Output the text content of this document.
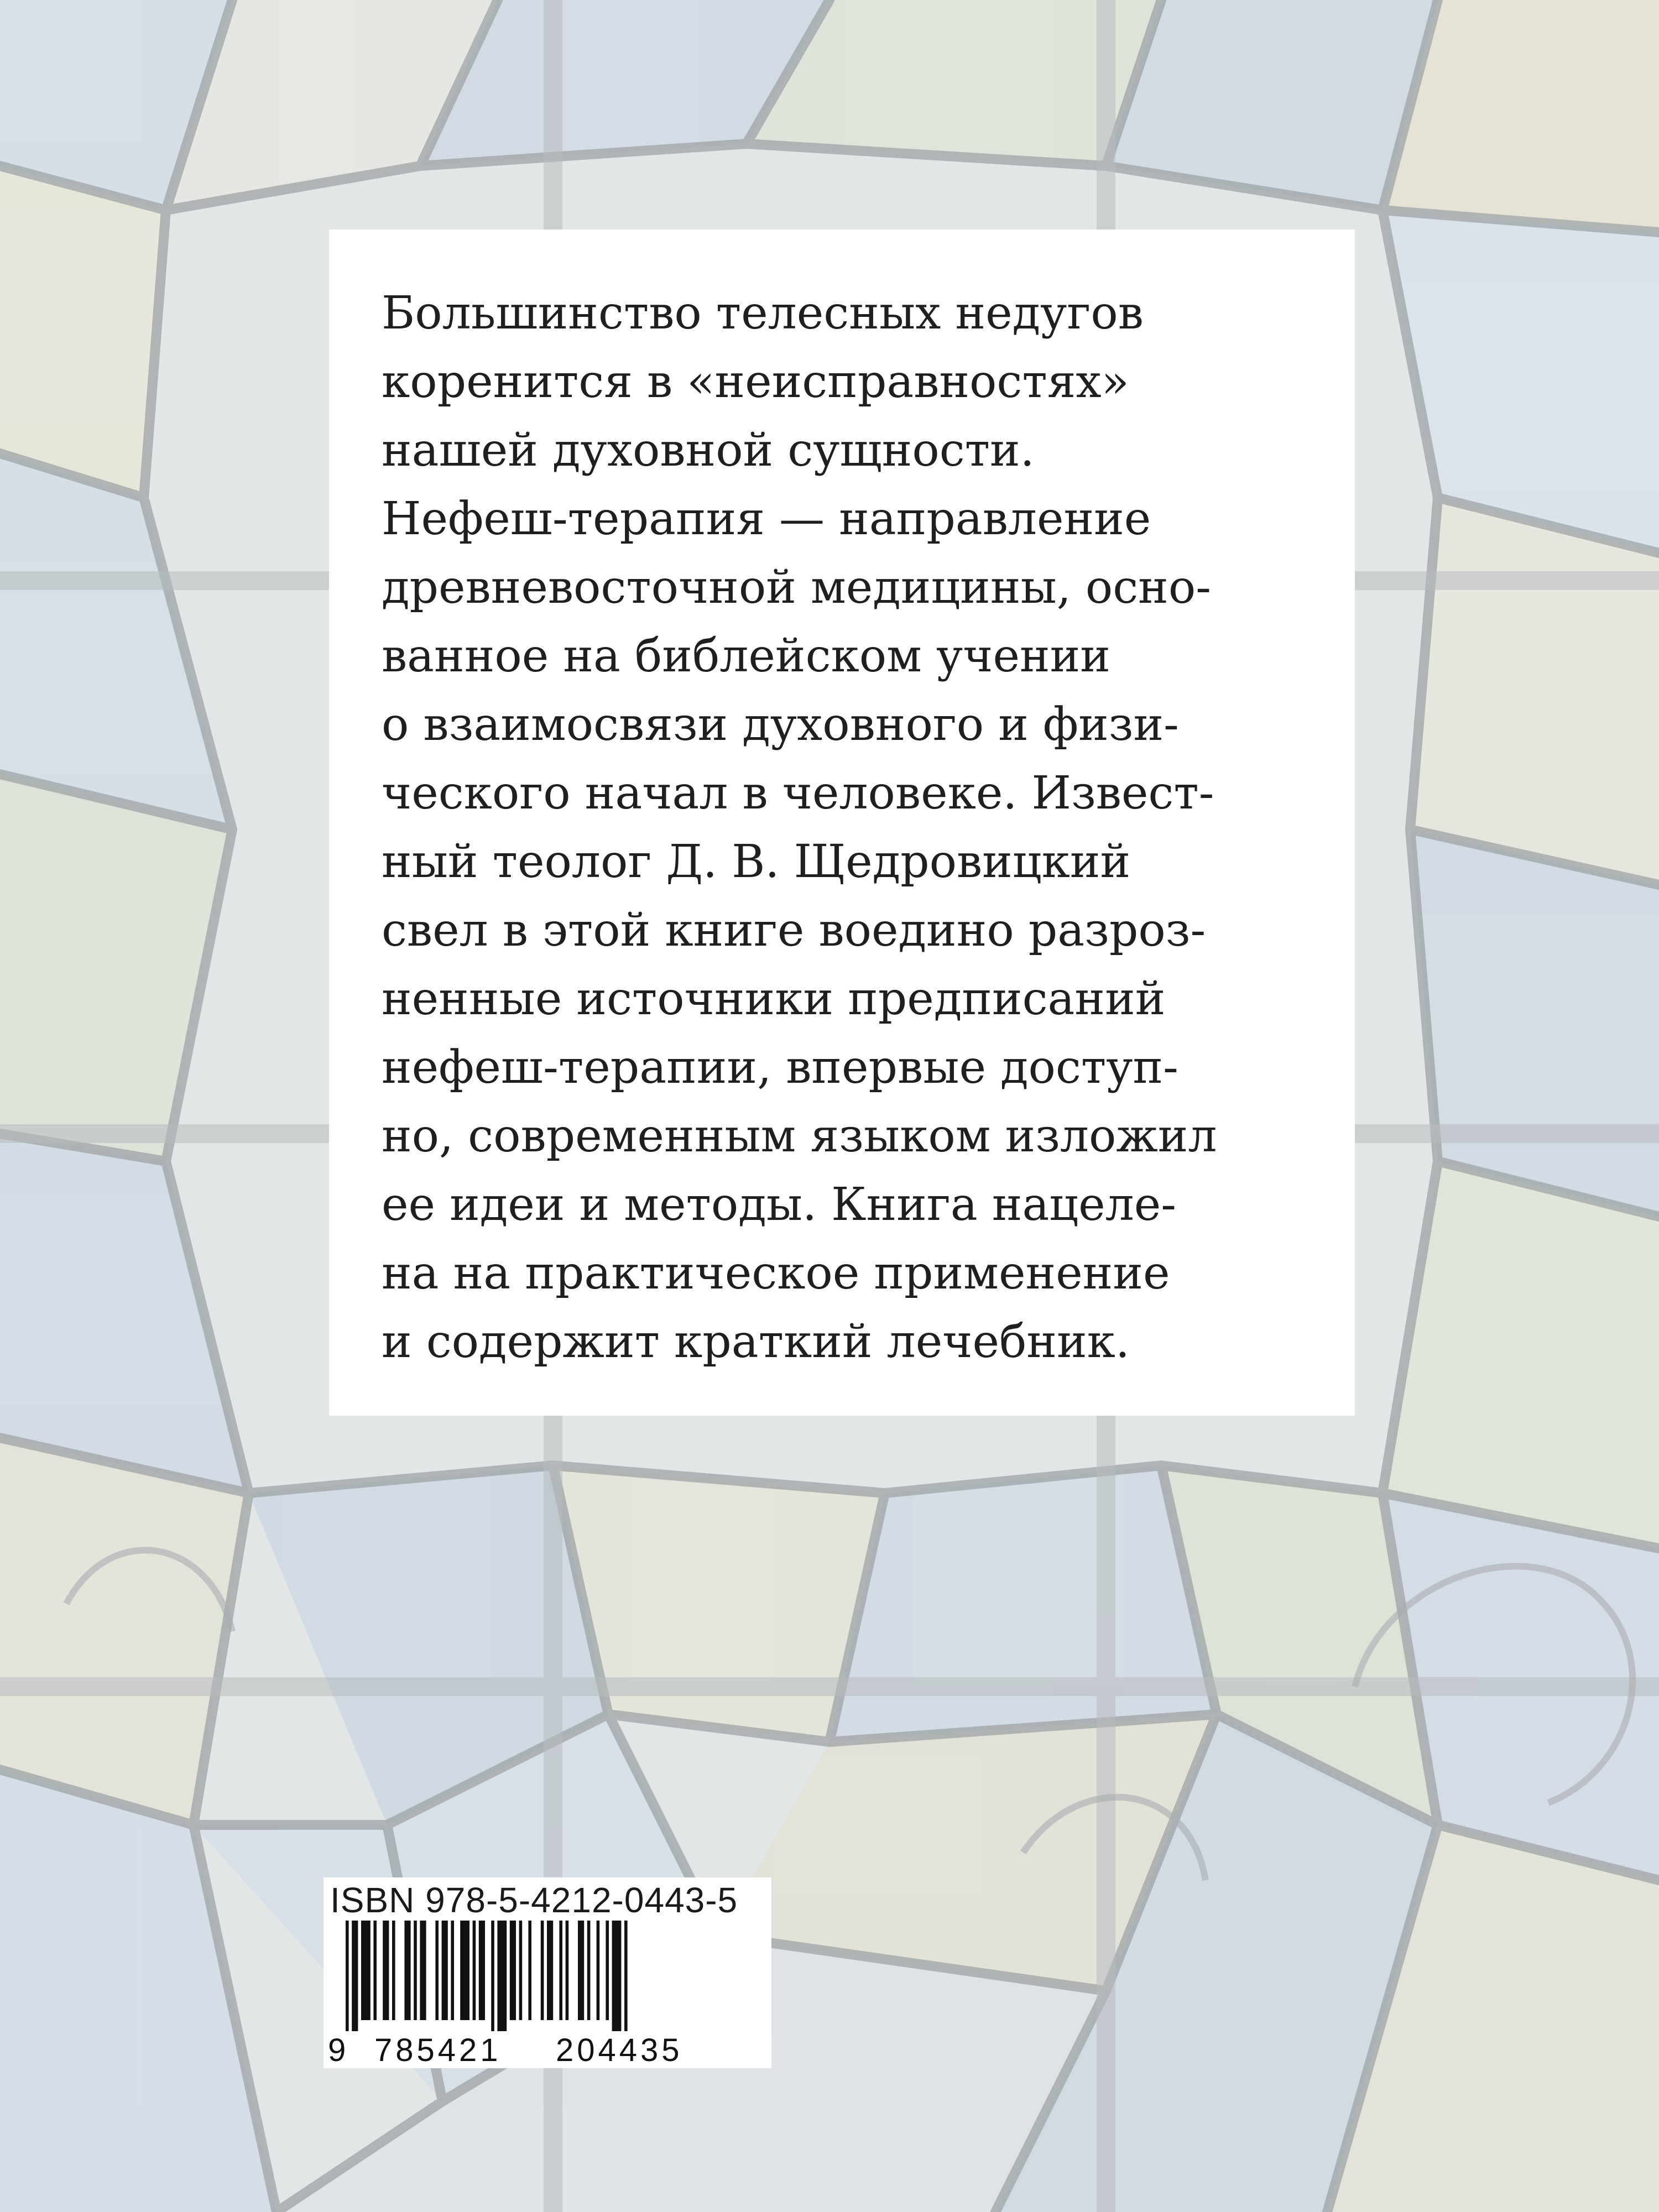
Большинство телесных недугов
коренится в «неисправностях»
нашей духовной сущности.
Нефеш-терапия — направление
древневосточной медицины, осно-
ванное на библейском учении
о взаимосвязи духовного и физи-
ческого начал в человеке. Извест-
ный теолог Д. В. Щедровицкий
свел в этой книге воедино разроз-
ненные источники предписаний
нефеш-терапии, впервые доступ-
но, современным языком изложил
ее идеи и методы. Книга нацеле-
на на практическое применение
и содержит краткий лечебник.
ISBN 978-5-4212-0443-5
9 785421 204435
